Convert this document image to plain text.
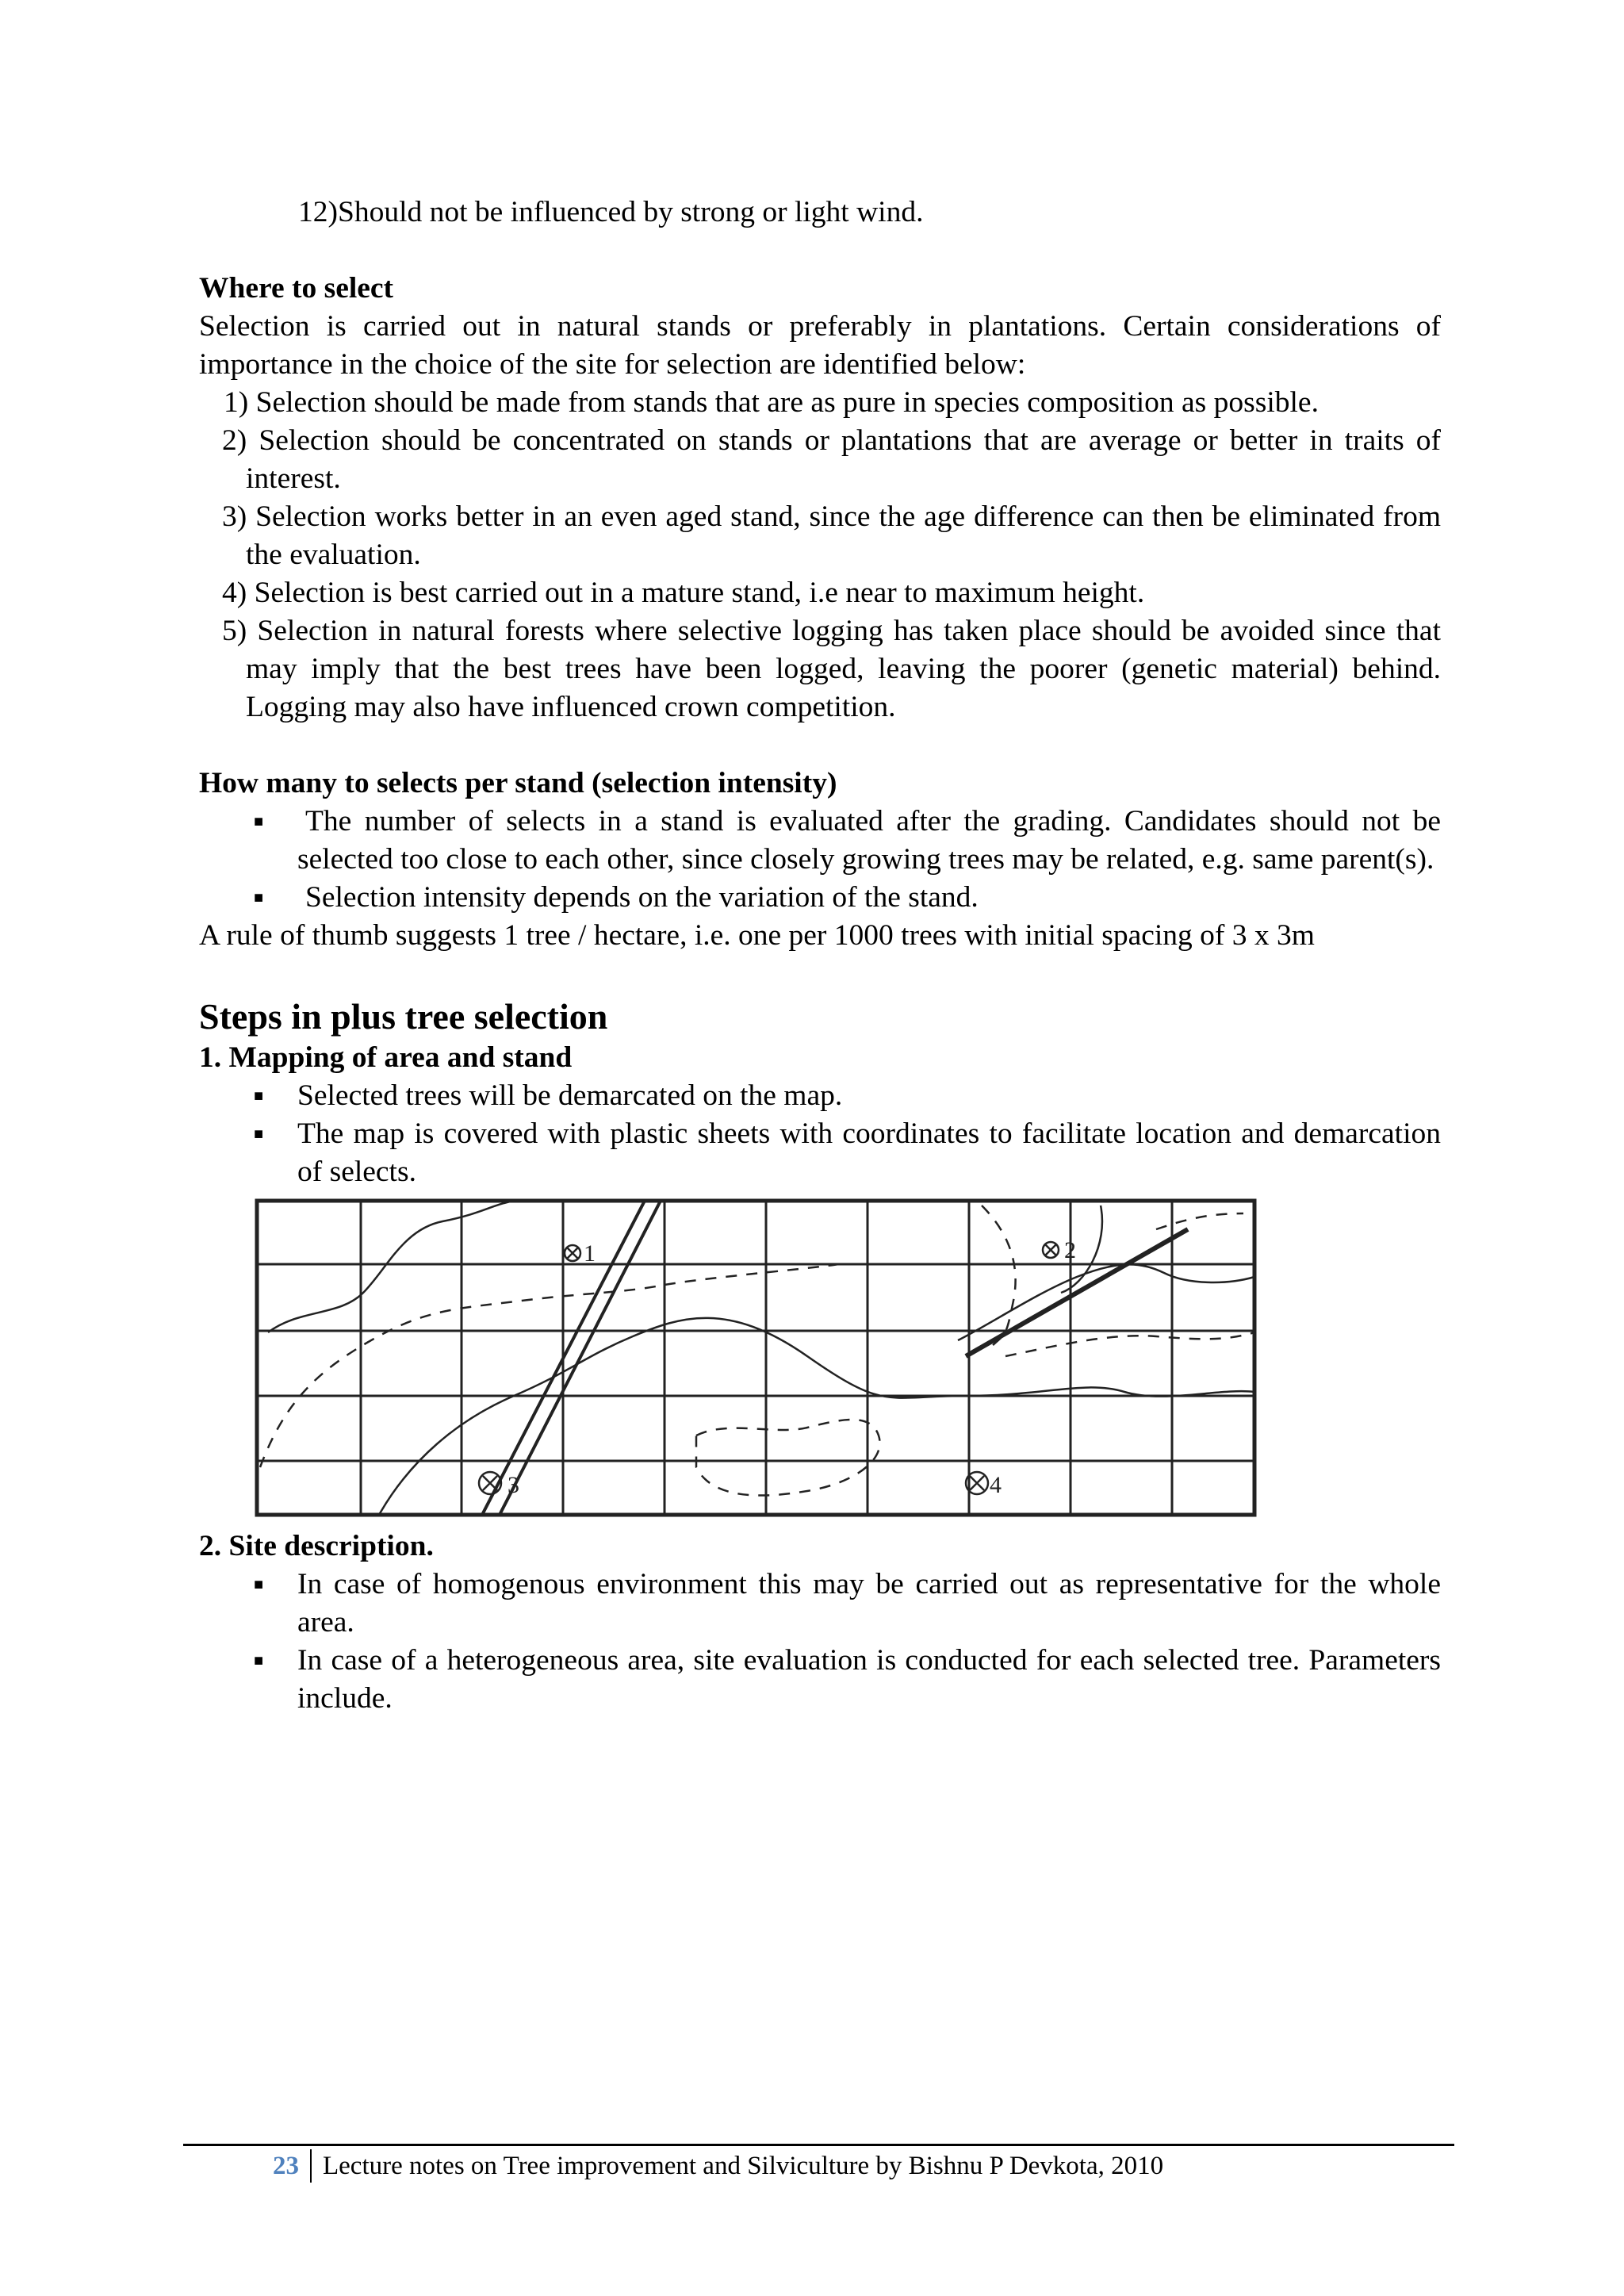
12)Should not be influenced by strong or light wind.

Where to select

Selection is carried out in natural stands or preferably in plantations. Certain considerations of importance in the choice of the site for selection are identified below:

1) Selection should be made from stands that are as pure in species composition as possible.

2) Selection should be concentrated on stands or plantations that are average or better in traits of interest.

3) Selection works better in an even aged stand, since the age difference can then be eliminated from the evaluation.

4) Selection is best carried out in a mature stand, i.e near to maximum height.

5) Selection in natural forests where selective logging has taken place should be avoided since that may imply that the best trees have been logged, leaving the poorer (genetic material) behind. Logging may also have influenced crown competition.

How many to selects per stand (selection intensity)

■ The number of selects in a stand is evaluated after the grading. Candidates should not be selected too close to each other, since closely growing trees may be related, e.g. same parent(s).
■ Selection intensity depends on the variation of the stand.

A rule of thumb suggests 1 tree / hectare, i.e. one per 1000 trees with initial spacing of 3 x 3m

Steps in plus tree selection

1. Mapping of area and stand

■ Selected trees will be demarcated on the map.
■ The map is covered with plastic sheets with coordinates to facilitate location and demarcation of selects.
1	2
3	4

2. Site description.

■ In case of homogenous environment this may be carried out as representative for the whole area.
■ In case of a heterogeneous area, site evaluation is conducted for each selected tree. Parameters include.
23 Lecture notes on Tree improvement and Silviculture by Bishnu P Devkota, 2010
